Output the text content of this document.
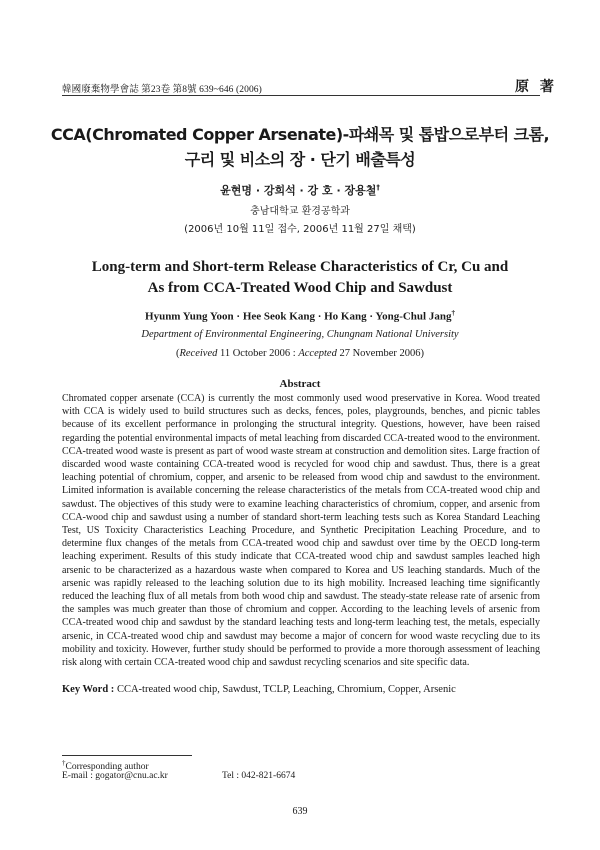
韓國廢棄物學會誌 第23卷 第8號 639~646 (2006)	原 著
CCA(Chromated Copper Arsenate)-파쇄목 및 톱밥으로부터 크롬,
구리 및 비소의 장 · 단기 배출특성
윤현명 · 강희석 · 강 호 · 장용철†
충남대학교 환경공학과
(2006년 10월 11일 접수, 2006년 11월 27일 채택)
Long-term and Short-term Release Characteristics of Cr, Cu and
As from CCA-Treated Wood Chip and Sawdust
Hyunm Yung Yoon · Hee Seok Kang · Ho Kang · Yong-Chul Jang†
Department of Environmental Engineering, Chungnam National University
(Received 11 October 2006 : Accepted 27 November 2006)
Abstract
Chromated copper arsenate (CCA) is currently the most commonly used wood preservative in Korea. Wood treated with CCA is widely used to build structures such as decks, fences, poles, playgrounds, benches, and picnic tables because of its excellent performance in prolonging the structural integrity. Questions, however, have been raised regarding the potential environmental impacts of metal leaching from discarded CCA-treated wood to the environment. CCA-treated wood waste is present as part of wood waste stream at construction and demolition sites. Large fraction of discarded wood waste containing CCA-treated wood is recycled for wood chip and sawdust. Thus, there is a great leaching potential of chromium, copper, and arsenic to be released from wood chip and sawdust to the environment. Limited information is available concerning the release characteristics of the metals from CCA-treated wood chip and sawdust. The objectives of this study were to examine leaching characteristics of chromium, copper, and arsenic from CCA-wood chip and sawdust using a number of standard short-term leaching tests such as Korea Standard Leaching Test, US Toxicity Characteristics Leaching Procedure, and Synthetic Precipitation Leaching Procedure, and to determine flux changes of the metals from CCA-treated wood chip and sawdust over time by the OECD long-term leaching experiment. Results of this study indicate that CCA-treated wood chip and sawdust samples leached high arsenic to be characterized as a hazardous waste when compared to Korea and US leaching standards. Much of the arsenic was rapidly released to the leaching solution due to its high mobility. Increased leaching time significantly reduced the leaching flux of all metals from both wood chip and sawdust. The steady-state release rate of arsenic from the samples was much greater than those of chromium and copper. According to the leaching levels of arsenic from CCA-treated wood chip and sawdust by the standard leaching tests and long-term leaching test, the metals, especially arsenic, in CCA-treated wood chip and sawdust may become a major of concern for wood waste recycling due to its mobility and toxicity. However, further study should be performed to provide a more thorough assessment of leaching risk along with certain CCA-treated wood chip and sawdust recycling scenarios and site specific data.
Key Word : CCA-treated wood chip, Sawdust, TCLP, Leaching, Chromium, Copper, Arsenic
†Corresponding author
E-mail : gogator@cnu.ac.kr	Tel : 042-821-6674
639
